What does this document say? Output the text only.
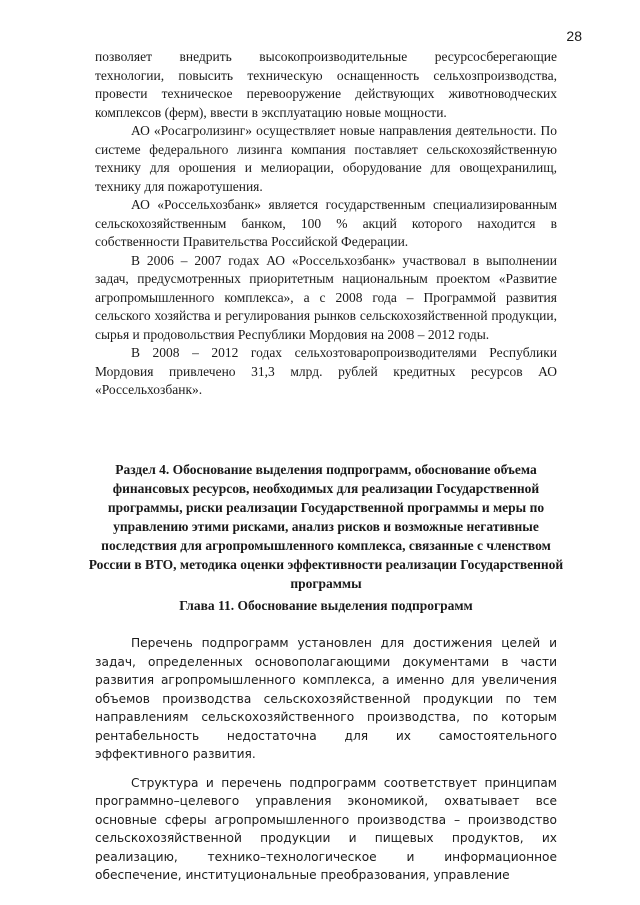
28

позволяет внедрить высокопроизводительные ресурсосберегающие технологии, повысить техническую оснащенность сельхозпроизводства, провести техническое перевооружение действующих животноводческих комплексов (ферм), ввести в эксплуатацию новые мощности.

АО «Росагролизинг» осуществляет новые направления деятельности. По системе федерального лизинга компания поставляет сельскохозяйственную технику для орошения и мелиорации, оборудование для овощехранилищ, технику для пожаротушения.

АО «Россельхозбанк» является государственным специализированным сельскохозяйственным банком, 100 % акций которого находится в собственности Правительства Российской Федерации.

В 2006 – 2007 годах АО «Россельхозбанк» участвовал в выполнении задач, предусмотренных приоритетным национальным проектом «Развитие агропромышленного комплекса», а с 2008 года – Программой развития сельского хозяйства и регулирования рынков сельскохозяйственной продукции, сырья и продовольствия Республики Мордовия на 2008 – 2012 годы.

В 2008 – 2012 годах сельхозтоваропроизводителями Республики Мордовия привлечено 31,3 млрд. рублей кредитных ресурсов АО «Россельхозбанк».

Раздел 4. Обоснование выделения подпрограмм, обоснование объема финансовых ресурсов, необходимых для реализации Государственной программы, риски реализации Государственной программы и меры по управлению этими рисками, анализ рисков и возможные негативные последствия для агропромышленного комплекса, связанные с членством России в ВТО, методика оценки эффективности реализации Государственной программы
Глава 11. Обоснование выделения подпрограмм

Перечень подпрограмм установлен для достижения целей и задач, определенных основополагающими документами в части развития агропромышленного комплекса, а именно для увеличения объемов производства сельскохозяйственной продукции по тем направлениям сельскохозяйственного производства, по которым рентабельность недостаточна для их самостоятельного эффективного развития.

Структура и перечень подпрограмм соответствует принципам программно–целевого управления экономикой, охватывает все основные сферы агропромышленного производства – производство сельскохозяйственной продукции и пищевых продуктов, их реализацию, технико–технологическое и информационное обеспечение, институциональные преобразования, управление
